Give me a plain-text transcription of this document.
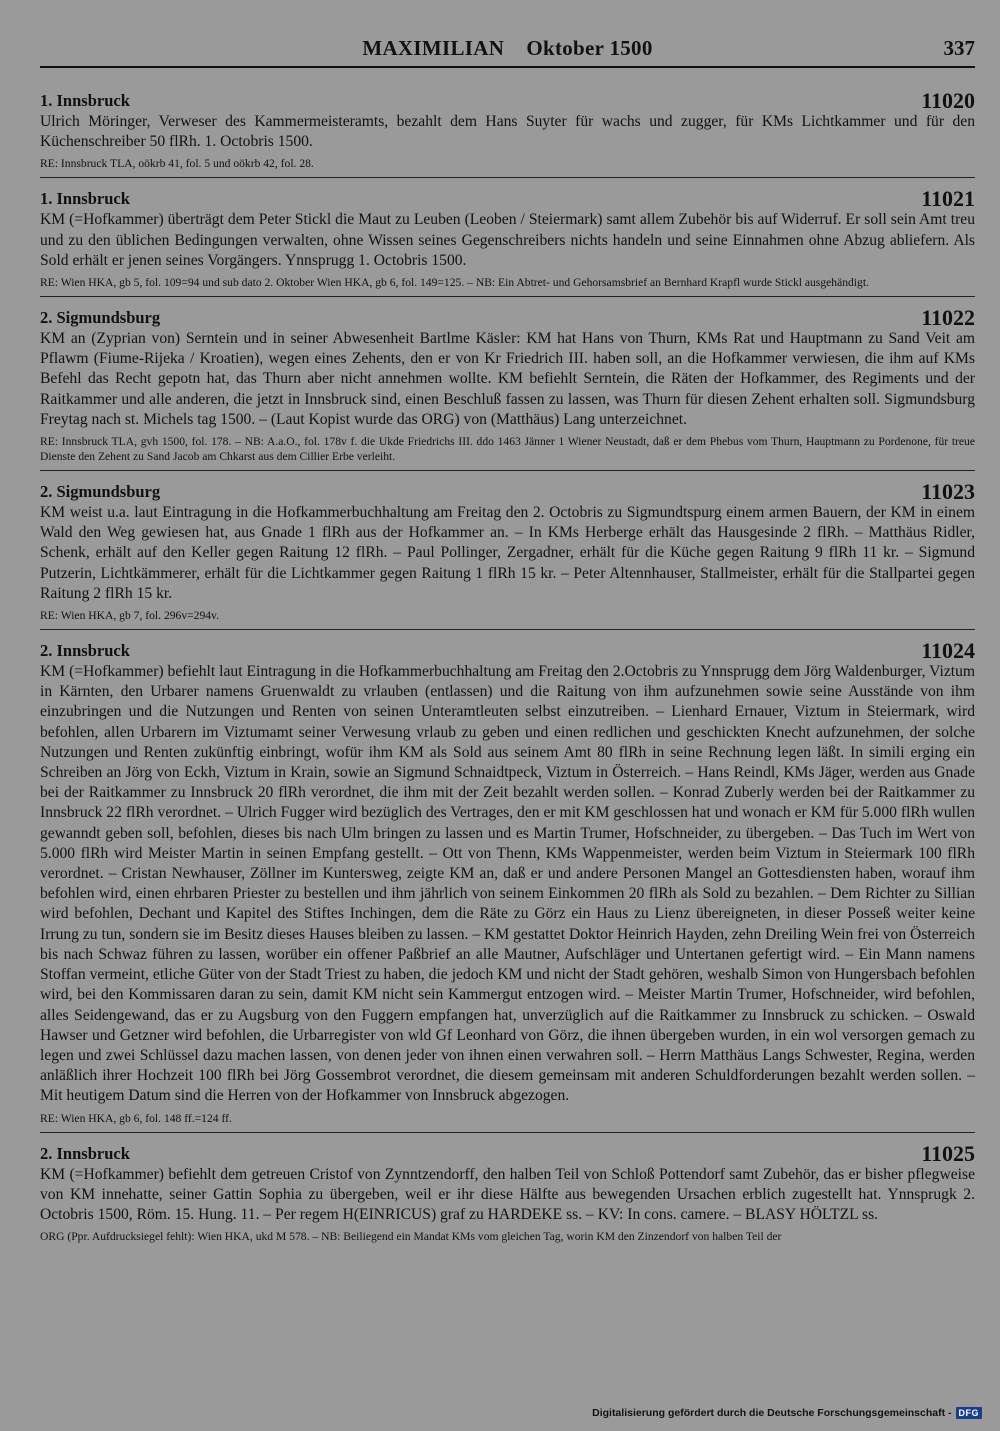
MAXIMILIAN    Oktober 1500	337
1. Innsbruck	11020
Ulrich Möringer, Verweser des Kammermeisteramts, bezahlt dem Hans Suyter für wachs und zugger, für KMs Lichtkammer und für den Küchenschreiber 50 flRh. 1. Octobris 1500.
RE: Innsbruck TLA, oökrb 41, fol. 5 und oökrb 42, fol. 28.
1. Innsbruck	11021
KM (=Hofkammer) überträgt dem Peter Stickl die Maut zu Leuben (Leoben / Steiermark) samt allem Zubehör bis auf Widerruf. Er soll sein Amt treu und zu den üblichen Bedingungen verwalten, ohne Wissen seines Gegenschreibers nichts handeln und seine Einnahmen ohne Abzug abliefern. Als Sold erhält er jenen seines Vorgängers. Ynnsprugg 1. Octobris 1500.
RE: Wien HKA, gb 5, fol. 109=94 und sub dato 2. Oktober Wien HKA, gb 6, fol. 149=125. – NB: Ein Abtret- und Gehorsamsbrief an Bernhard Krapfl wurde Stickl ausgehändigt.
2. Sigmundsburg	11022
KM an (Zyprian von) Serntein und in seiner Abwesenheit Bartlme Käsler: KM hat Hans von Thurn, KMs Rat und Hauptmann zu Sand Veit am Pflawm (Fiume-Rijeka / Kroatien), wegen eines Zehents, den er von Kr Friedrich III. haben soll, an die Hofkammer verwiesen, die ihm auf KMs Befehl das Recht gepotn hat, das Thurn aber nicht annehmen wollte. KM befiehlt Serntein, die Räten der Hofkammer, des Regiments und der Raitkammer und alle anderen, die jetzt in Innsbruck sind, einen Beschluß fassen zu lassen, was Thurn für diesen Zehent erhalten soll. Sigmundsburg Freytag nach st. Michels tag 1500. – (Laut Kopist wurde das ORG) von (Matthäus) Lang unterzeichnet.
RE: Innsbruck TLA, gvh 1500, fol. 178. – NB: A.a.O., fol. 178v f. die Ukde Friedrichs III. ddo 1463 Jänner 1 Wiener Neustadt, daß er dem Phebus vom Thurn, Hauptmann zu Pordenone, für treue Dienste den Zehent zu Sand Jacob am Chkarst aus dem Cillier Erbe verleiht.
2. Sigmundsburg	11023
KM weist u.a. laut Eintragung in die Hofkammerbuchhaltung am Freitag den 2. Octobris zu Sigmundtspurg einem armen Bauern, der KM in einem Wald den Weg gewiesen hat, aus Gnade 1 flRh aus der Hofkammer an. – In KMs Herberge erhält das Hausgesinde 2 flRh. – Matthäus Ridler, Schenk, erhält auf den Keller gegen Raitung 12 flRh. – Paul Pollinger, Zergadner, erhält für die Küche gegen Raitung 9 flRh 11 kr. – Sigmund Putzerin, Lichtkämmerer, erhält für die Lichtkammer gegen Raitung 1 flRh 15 kr. – Peter Altennhauser, Stallmeister, erhält für die Stallpartei gegen Raitung 2 flRh 15 kr.
RE: Wien HKA, gb 7, fol. 296v=294v.
2. Innsbruck	11024
KM (=Hofkammer) befiehlt laut Eintragung in die Hofkammerbuchhaltung am Freitag den 2.Octobris zu Ynnsprugg dem Jörg Waldenburger, Viztum in Kärnten, den Urbarer namens Gruenwaldt zu vrlauben (entlassen) und die Raitung von ihm aufzunehmen sowie seine Ausstände von ihm einzubringen und die Nutzungen und Renten von seinen Unteramtleuten selbst einzutreiben. – Lienhard Ernauer, Viztum in Steiermark, wird befohlen, allen Urbarern im Viztumamt seiner Verwesung vrlaub zu geben und einen redlichen und geschickten Knecht aufzunehmen, der solche Nutzungen und Renten zukünftig einbringt, wofür ihm KM als Sold aus seinem Amt 80 flRh in seine Rechnung legen läßt. In simili erging ein Schreiben an Jörg von Eckh, Viztum in Krain, sowie an Sigmund Schnaidtpeck, Viztum in Österreich. – Hans Reindl, KMs Jäger, werden aus Gnade bei der Raitkammer zu Innsbruck 20 flRh verordnet, die ihm mit der Zeit bezahlt werden sollen. – Konrad Zuberly werden bei der Raitkammer zu Innsbruck 22 flRh verordnet. – Ulrich Fugger wird bezüglich des Vertrages, den er mit KM geschlossen hat und wonach er KM für 5.000 flRh wullen gewanndt geben soll, befohlen, dieses bis nach Ulm bringen zu lassen und es Martin Trumer, Hofschneider, zu übergeben. – Das Tuch im Wert von 5.000 flRh wird Meister Martin in seinen Empfang gestellt. – Ott von Thenn, KMs Wappenmeister, werden beim Viztum in Steiermark 100 flRh verordnet. – Cristan Newhauser, Zöllner im Kuntersweg, zeigte KM an, daß er und andere Personen Mangel an Gottesdiensten haben, worauf ihm befohlen wird, einen ehrbaren Priester zu bestellen und ihm jährlich von seinem Einkommen 20 flRh als Sold zu bezahlen. – Dem Richter zu Sillian wird befohlen, Dechant und Kapitel des Stiftes Inchingen, dem die Räte zu Görz ein Haus zu Lienz übereigneten, in dieser Posseß weiter keine Irrung zu tun, sondern sie im Besitz dieses Hauses bleiben zu lassen. – KM gestattet Doktor Heinrich Hayden, zehn Dreiling Wein frei von Österreich bis nach Schwaz führen zu lassen, worüber ein offener Paßbrief an alle Mautner, Aufschläger und Untertanen gefertigt wird. – Ein Mann namens Stoffan vermeint, etliche Güter von der Stadt Triest zu haben, die jedoch KM und nicht der Stadt gehören, weshalb Simon von Hungersbach befohlen wird, bei den Kommissaren daran zu sein, damit KM nicht sein Kammergut entzogen wird. – Meister Martin Trumer, Hofschneider, wird befohlen, alles Seidengewand, das er zu Augsburg von den Fuggern empfangen hat, unverzüglich auf die Raitkammer zu Innsbruck zu schicken. – Oswald Hawser und Getzner wird befohlen, die Urbarregister von wld Gf Leonhard von Görz, die ihnen übergeben wurden, in ein wol versorgen gemach zu legen und zwei Schlüssel dazu machen lassen, von denen jeder von ihnen einen verwahren soll. – Herrn Matthäus Langs Schwester, Regina, werden anläßlich ihrer Hochzeit 100 flRh bei Jörg Gossembrot verordnet, die diesem gemeinsam mit anderen Schuldforderungen bezahlt werden sollen. – Mit heutigem Datum sind die Herren von der Hofkammer von Innsbruck abgezogen.
RE: Wien HKA, gb 6, fol. 148 ff.=124 ff.
2. Innsbruck	11025
KM (=Hofkammer) befiehlt dem getreuen Cristof von Zynntzendorff, den halben Teil von Schloß Pottendorf samt Zubehör, das er bisher pflegweise von KM innehatte, seiner Gattin Sophia zu übergeben, weil er ihr diese Hälfte aus bewegenden Ursachen erblich zugestellt hat. Ynnsprugk 2. Octobris 1500, Röm. 15. Hung. 11. – Per regem H(EINRICUS) graf zu HARDEKE ss. – KV: In cons. camere. – BLASY HÖLTZL ss.
ORG (Ppr. Aufdrucksiegel fehlt): Wien HKA, ukd M 578. – NB: Beiliegend ein Mandat KMs vom gleichen Tag, worin KM den Zinzendorf von halben Teil der
Digitalisierung gefördert durch die Deutsche Forschungsgemeinschaft - DFG
